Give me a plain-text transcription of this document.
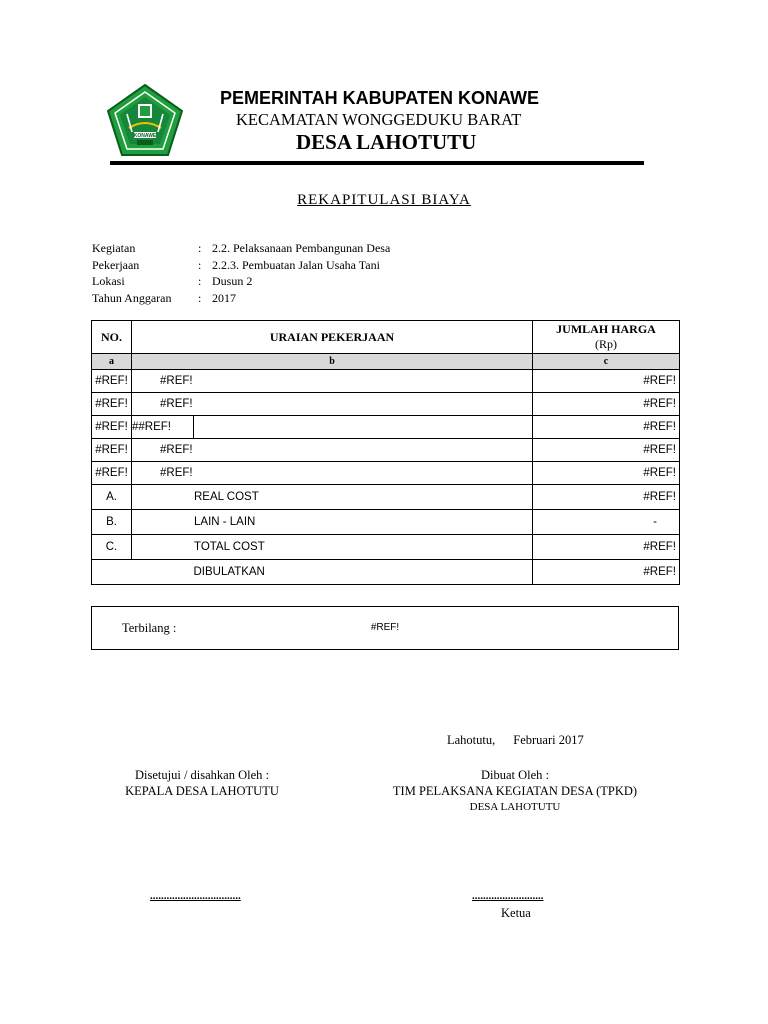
KONAWE
PEMERINTAH KABUPATEN KONAWE
KECAMATAN WONGGEDUKU BARAT
DESA LAHOTUTU
REKAPITULASI BIAYA
Kegiatan	: 2.2. Pelaksanaan Pembangunan Desa
Pekerjaan	: 2.2.3. Pembuatan Jalan Usaha Tani
Lokasi	: Dusun 2
Tahun Anggaran	: 2017
NO.	URAIAN PEKERJAAN		JUMLAH HARGA
(Rp)

a	b		c
#REF!	#REF!		#REF!
#REF!	#REF!		#REF!
#REF!	##REF!		#REF!
#REF!	#REF!		#REF!
#REF!	#REF!		#REF!
A.	REAL COST		#REF!
B.	LAIN - LAIN		-
C.	TOTAL COST		#REF!
	DIBULATKAN		#REF!
Terbilang :	#REF!
Lahotutu, Februari 2017
Disetujui / disahkan Oleh :
KEPALA DESA LAHOTUTU
Dibuat Oleh :
TIM PELAKSANA KEGIATAN DESA (TPKD)
DESA LAHOTUTU
.................................	..........................
Ketua
